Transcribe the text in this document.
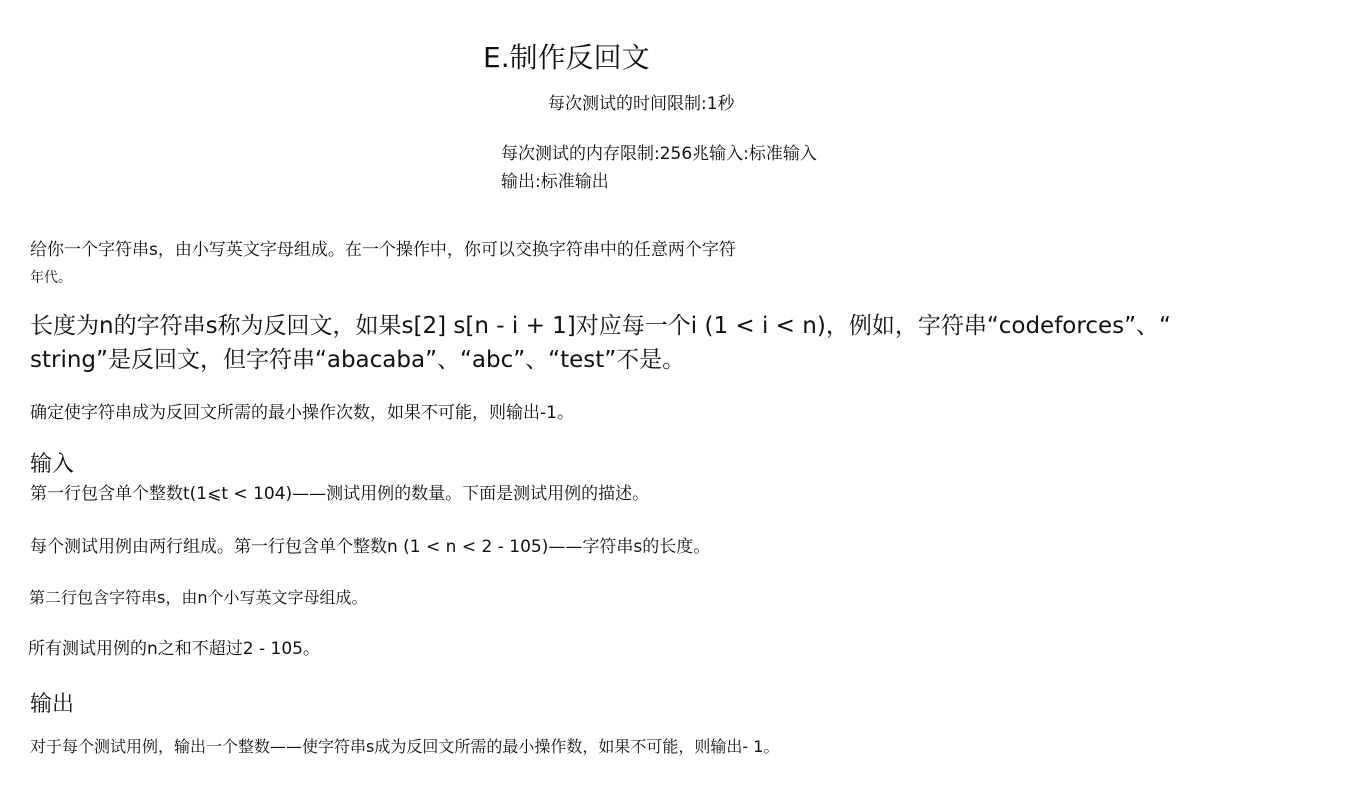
E.制作反回文
每次测试的时间限制:1秒
每次测试的内存限制:256兆输入:标准输入
输出:标准输出
给你一个字符串s，由小写英文字母组成。在一个操作中，你可以交换字符串中的任意两个字符
年代。
长度为n的字符串s称为反回文，如果s[2] s[n - i + 1]对应每一个i (1 < i < n)，例如，字符串“codeforces”、“
string”是反回文，但字符串“abacaba”、“abc”、“test”不是。
确定使字符串成为反回文所需的最小操作次数，如果不可能，则输出-1。
输入
第一行包含单个整数t(1⩽t < 104)——测试用例的数量。下面是测试用例的描述。
每个测试用例由两行组成。第一行包含单个整数n (1 < n < 2 - 105)——字符串s的长度。
第二行包含字符串s，由n个小写英文字母组成。
所有测试用例的n之和不超过2 - 105。
输出
对于每个测试用例，输出一个整数——使字符串s成为反回文所需的最小操作数，如果不可能，则输出- 1。
